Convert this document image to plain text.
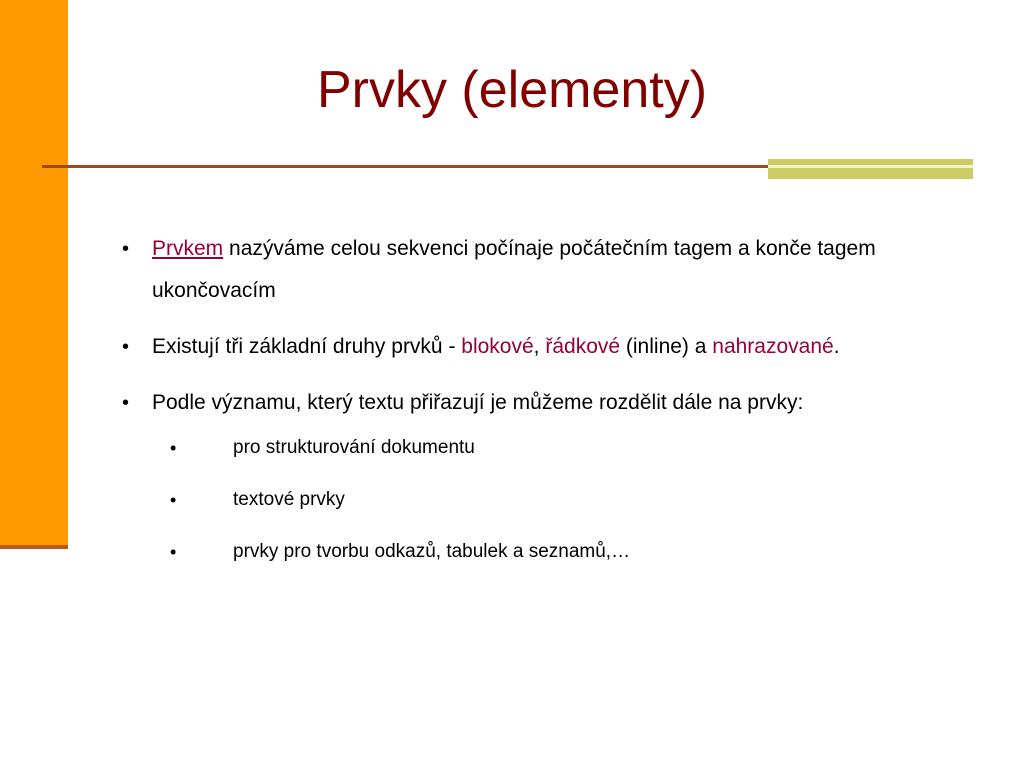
Prvky (elementy)
• Prvkem nazýváme celou sekvenci počínaje počátečním tagem a konče tagem ukončovacím
• Existují tři základní druhy prvků - blokové, řádkové (inline) a nahrazované.
• Podle významu, který textu přiřazují je můžeme rozdělit dále na prvky:
•	pro strukturování dokumentu
•	textové prvky
•	prvky pro tvorbu odkazů, tabulek a seznamů,…
